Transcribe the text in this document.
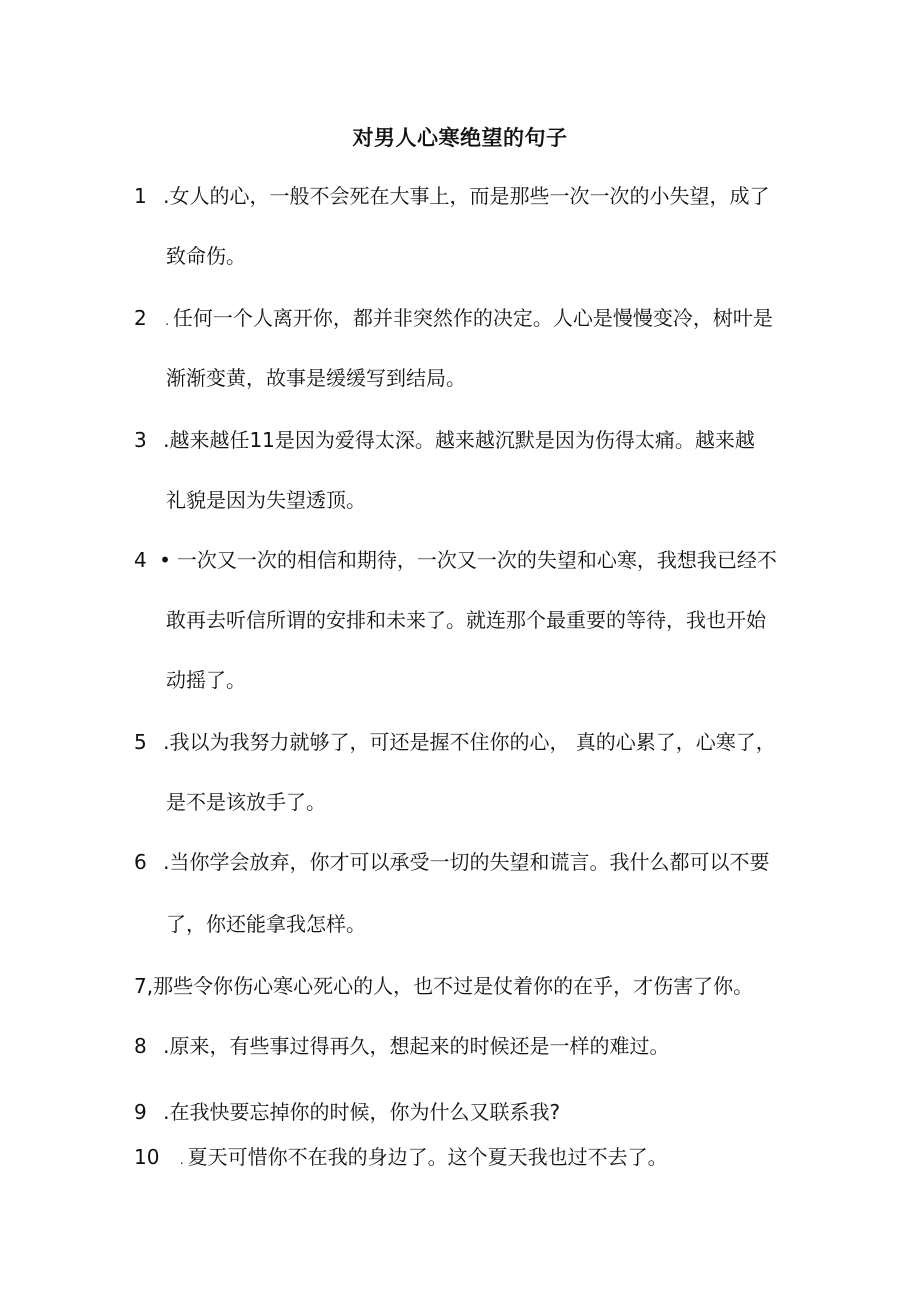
对男人心寒绝望的句子
1 .女人的心，一般不会死在大事上，而是那些一次一次的小失望，成了
致命伤。
2 . 任何一个人离开你，都并非突然作的决定。人心是慢慢变冷，树叶是
渐渐变黄，故事是缓缓写到结局。
3 .越来越任11是因为爱得太深。越来越沉默是因为伤得太痛。越来越
礼貌是因为失望透顶。
4 • 一次又一次的相信和期待，一次又一次的失望和心寒，我想我已经不
敢再去听信所谓的安排和未来了。就连那个最重要的等待，我也开始
动摇了。
5 .我以为我努力就够了，可还是握不住你的心， 真的心累了，心寒了，
是不是该放手了。
6 .当你学会放弃，你才可以承受一切的失望和谎言。我什么都可以不要
了，你还能拿我怎样。
7,那些令你伤心寒心死心的人，也不过是仗着你的在乎，才伤害了你。
8 .原来，有些事过得再久，想起来的时候还是一样的难过。
9 .在我快要忘掉你的时候，你为什么又联系我?
10 . 夏天可惜你不在我的身边了。这个夏天我也过不去了。
